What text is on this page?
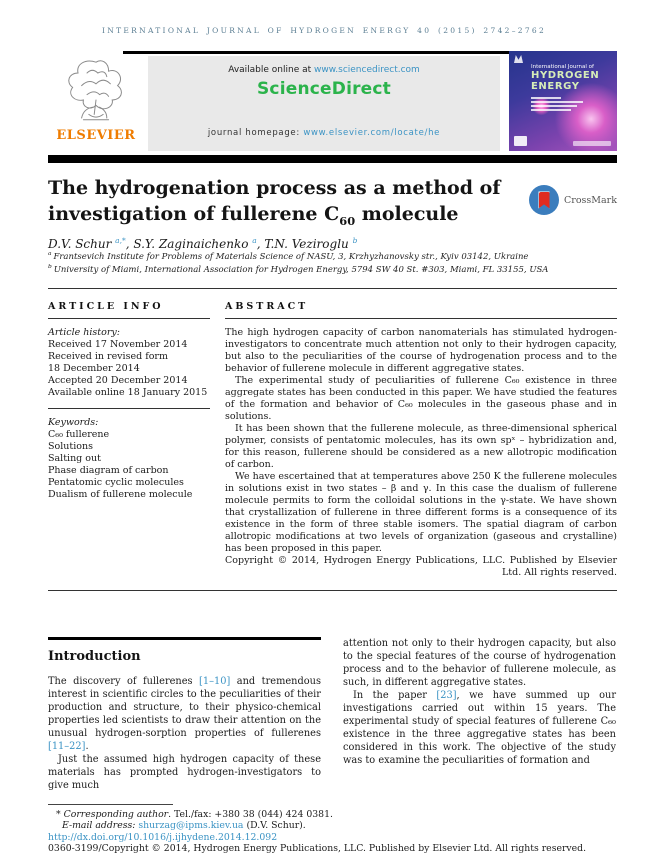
INTERNATIONAL JOURNAL OF HYDROGEN ENERGY 40 (2015) 2742–2762
ELSEVIER
Available online at www.sciencedirect.com
ScienceDirect
journal homepage: www.elsevier.com/locate/he
International Journal of
HYDROGEN
ENERGY
The hydrogenation process as a method of investigation of fullerene $C_{60}$ molecule
CrossMark
D.V. Schur $^{a,*}$, S.Y. Zaginaichenko $^a$, T.N. Veziroglu $^b$
$^a$ Frantsevich Institute for Problems of Materials Science of NASU, 3, Krzhyzhanovsky str., Kyiv 03142, Ukraine
$^b$ University of Miami, International Association for Hydrogen Energy, 5794 SW 40 St. #303, Miami, FL 33155, USA
ARTICLE INFO
Article history:
Received 17 November 2014
Received in revised form
18 December 2014
Accepted 20 December 2014
Available online 18 January 2015
Keywords:
C₆₀ fullerene
Solutions
Salting out
Phase diagram of carbon
Pentatomic cyclic molecules
Dualism of fullerene molecule
ABSTRACT

The high hydrogen capacity of carbon nanomaterials has stimulated hydrogen-investigators to concentrate much attention not only to their hydrogen capacity, but also to the peculiarities of the course of hydrogenation process and to the behavior of fullerene molecule in different aggregative states.

The experimental study of peculiarities of fullerene C₆₀ existence in three aggregate states has been conducted in this paper. We have studied the features of the formation and behavior of C₆₀ molecules in the gaseous phase and in solutions.

It has been shown that the fullerene molecule, as three-dimensional spherical polymer, consists of pentatomic molecules, has its own spˣ – hybridization and, for this reason, fullerene should be considered as a new allotropic modification of carbon.

We have escertained that at temperatures above 250 K the fullerene molecules in solutions exist in two states – β and γ. In this case the dualism of fullerene molecule permits to form the colloidal solutions in the γ-state. We have shown that crystallization of fullerene in three different forms is a consequence of its existence in the form of three stable isomers. The spatial diagram of carbon allotropic modifications at two levels of organization (gaseous and crystalline) has been proposed in this paper.

Copyright © 2014, Hydrogen Energy Publications, LLC. Published by Elsevier Ltd. All rights reserved.
Introduction

The discovery of fullerenes [1–10] and tremendous interest in scientific circles to the peculiarities of their production and structure, to their physico-chemical properties led scientists to draw their attention on the unusual hydrogen-sorption properties of fullerenes [11–22].

Just the assumed high hydrogen capacity of these materials has prompted hydrogen-investigators to give much

attention not only to their hydrogen capacity, but also to the special features of the course of hydrogenation process and to the behavior of fullerene molecule, as such, in different aggregative states.

In the paper [23], we have summed up our investigations carried out within 15 years. The experimental study of special features of fullerene C₆₀ existence in the three aggregative states has been considered in this work. The objective of the study was to examine the peculiarities of formation and

* Corresponding author. Tel./fax: +380 38 (044) 424 0381.
E-mail address: shurzag@ipms.kiev.ua (D.V. Schur).
http://dx.doi.org/10.1016/j.ijhydene.2014.12.092
0360-3199/Copyright © 2014, Hydrogen Energy Publications, LLC. Published by Elsevier Ltd. All rights reserved.
